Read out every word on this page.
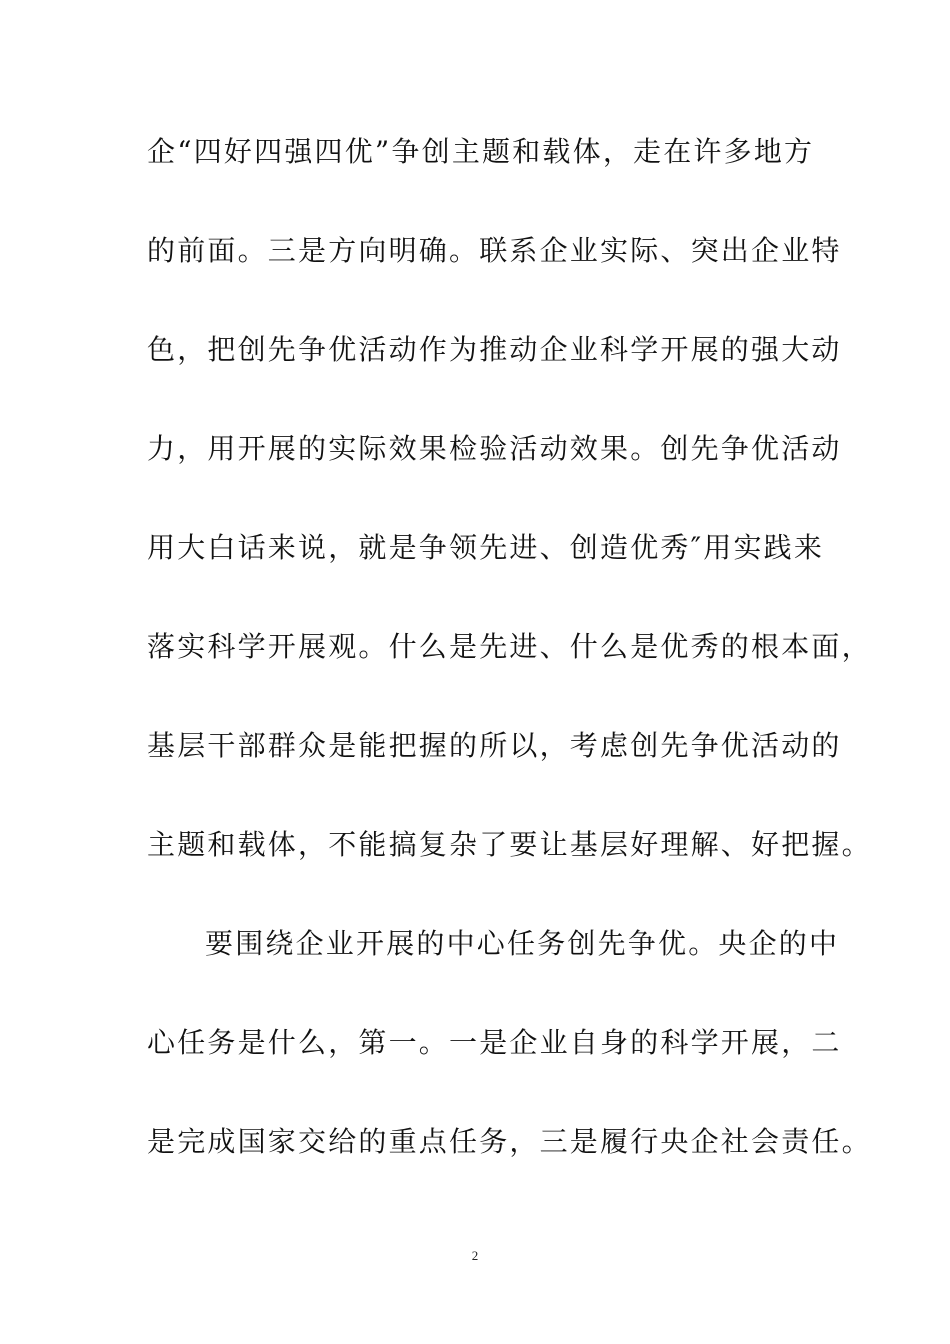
企“四好四强四优”争创主题和载体，走在许多地方
的前面。三是方向明确。联系企业实际、突出企业特
色，把创先争优活动作为推动企业科学开展的强大动
力，用开展的实际效果检验活动效果。创先争优活动
用大白话来说，就是争领先进、创造优秀″用实践来
落实科学开展观。什么是先进、什么是优秀的根本面，
基层干部群众是能把握的所以，考虑创先争优活动的
主题和载体，不能搞复杂了要让基层好理解、好把握。
要围绕企业开展的中心任务创先争优。央企的中
心任务是什么，第一。一是企业自身的科学开展，二
是完成国家交给的重点任务，三是履行央企社会责任。
2
